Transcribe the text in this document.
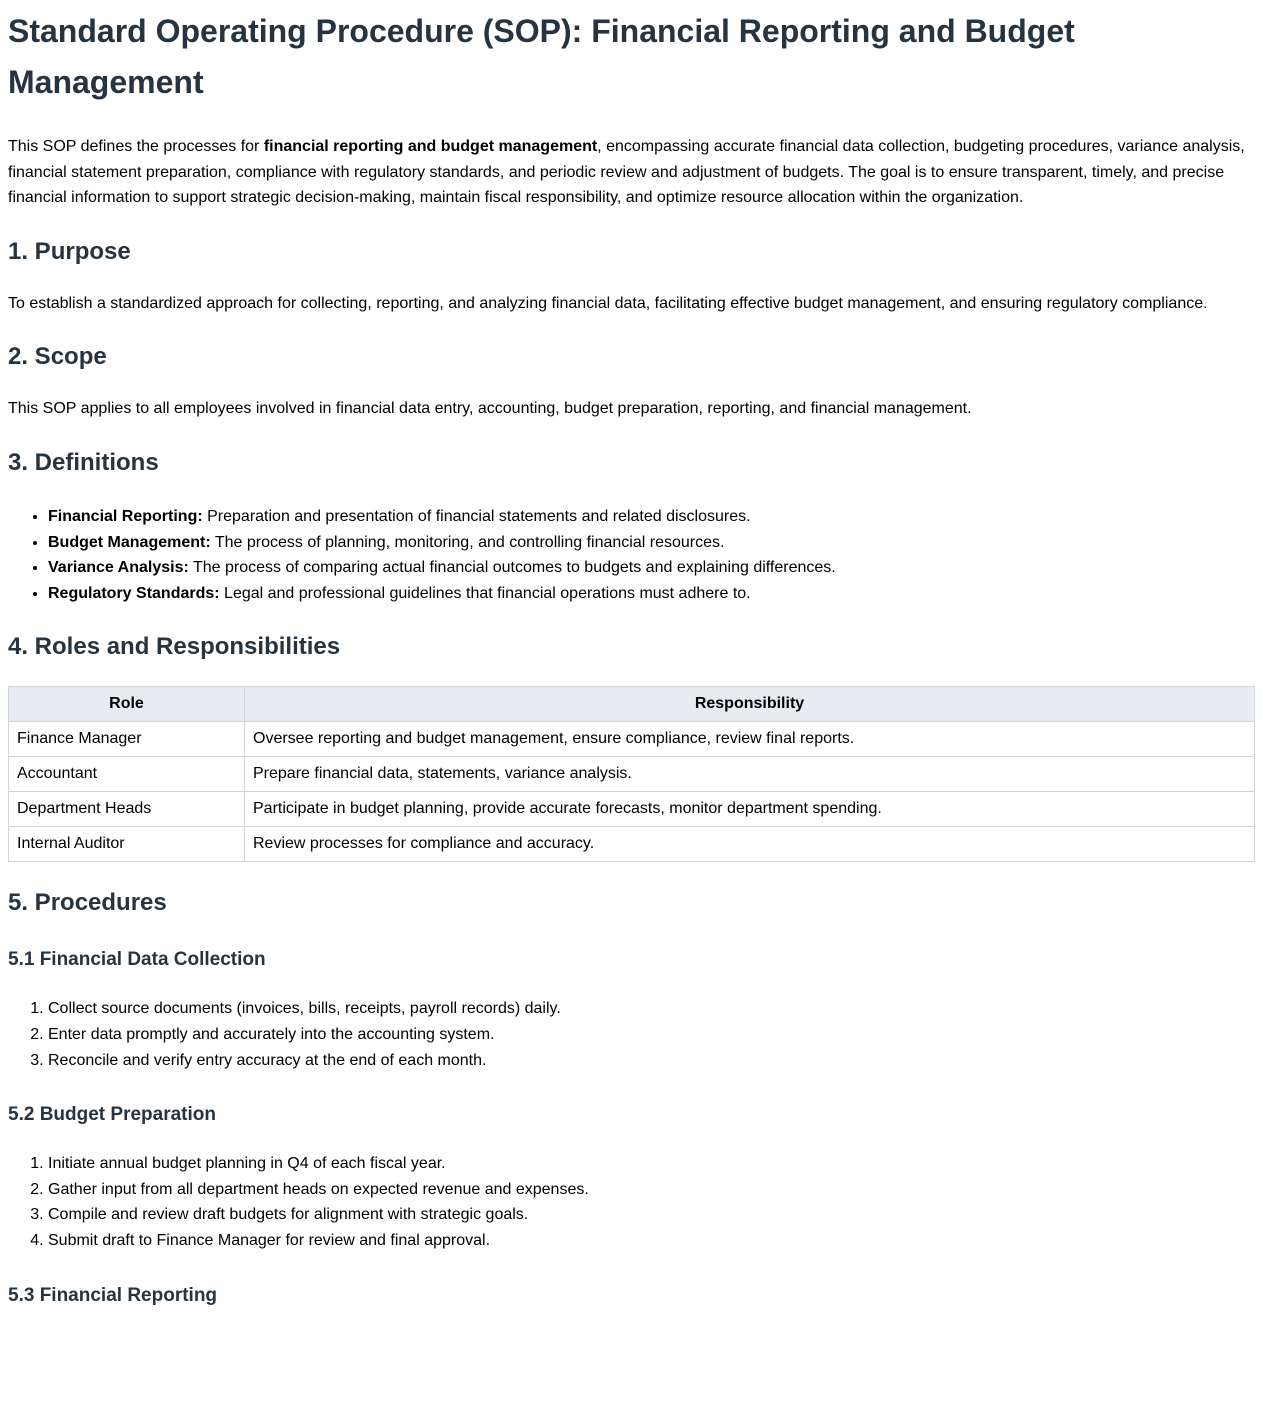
Standard Operating Procedure (SOP): Financial Reporting and Budget Management

This SOP defines the processes for financial reporting and budget management, encompassing accurate financial data collection, budgeting procedures, variance analysis, financial statement preparation, compliance with regulatory standards, and periodic review and adjustment of budgets. The goal is to ensure transparent, timely, and precise financial information to support strategic decision-making, maintain fiscal responsibility, and optimize resource allocation within the organization.

1. Purpose

To establish a standardized approach for collecting, reporting, and analyzing financial data, facilitating effective budget management, and ensuring regulatory compliance.

2. Scope

This SOP applies to all employees involved in financial data entry, accounting, budget preparation, reporting, and financial management.

3. Definitions
• Financial Reporting: Preparation and presentation of financial statements and related disclosures.
• Budget Management: The process of planning, monitoring, and controlling financial resources.
• Variance Analysis: The process of comparing actual financial outcomes to budgets and explaining differences.
• Regulatory Standards: Legal and professional guidelines that financial operations must adhere to.
4. Roles and Responsibilities
Role	Responsibility
Finance Manager	Oversee reporting and budget management, ensure compliance, review final reports.
Accountant	Prepare financial data, statements, variance analysis.
Department Heads	Participate in budget planning, provide accurate forecasts, monitor department spending.
Internal Auditor	Review processes for compliance and accuracy.
5. Procedures
5.1 Financial Data Collection
1. Collect source documents (invoices, bills, receipts, payroll records) daily.
2. Enter data promptly and accurately into the accounting system.
3. Reconcile and verify entry accuracy at the end of each month.
5.2 Budget Preparation
1. Initiate annual budget planning in Q4 of each fiscal year.
2. Gather input from all department heads on expected revenue and expenses.
3. Compile and review draft budgets for alignment with strategic goals.
4. Submit draft to Finance Manager for review and final approval.
5.3 Financial Reporting
